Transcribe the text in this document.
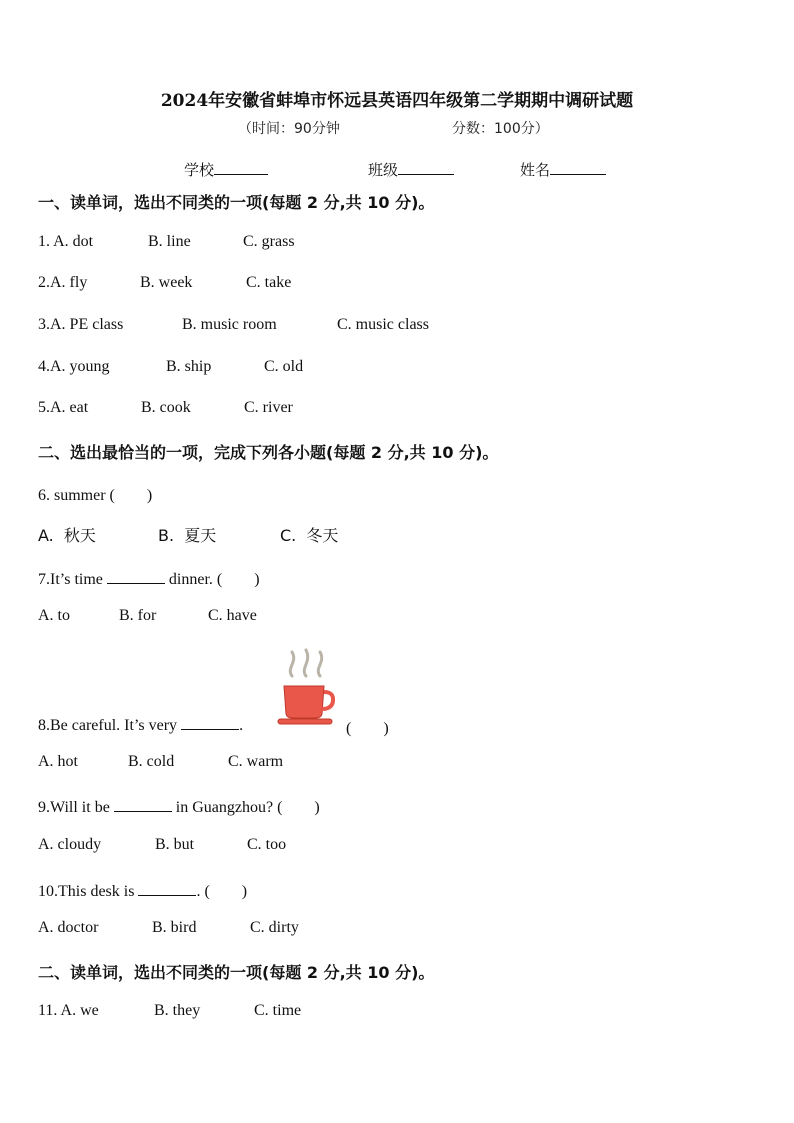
2024年安徽省蚌埠市怀远县英语四年级第二学期期中调研试题
（时间：90分钟	分数：100分）
学校	班级	姓名
一、读单词，选出不同类的一项(每题 2 分,共 10 分)。
1. A. dot	B. line	C. grass
2.A. fly	B. week	C. take
3.A. PE class	B. music room	C. music class
4.A. young	B. ship	C. old
5.A. eat	B. cook	C. river
二、选出最恰当的一项，完成下列各小题(每题 2 分,共 10 分)。
6. summer (　　)
A.  秋天	B.  夏天	C.  冬天
7.It’s time	dinner. (　　)
A. to	B. for	C. have
8.Be careful. It’s very	.	(　　)
A. hot	B. cold	C. warm
9.Will it be	in Guangzhou? (　　)
A. cloudy	B. but	C. too
10.This desk is	. (　　)
A. doctor	B. bird	C. dirty
二、读单词，选出不同类的一项(每题 2 分,共 10 分)。
11. A. we	B. they	C. time
